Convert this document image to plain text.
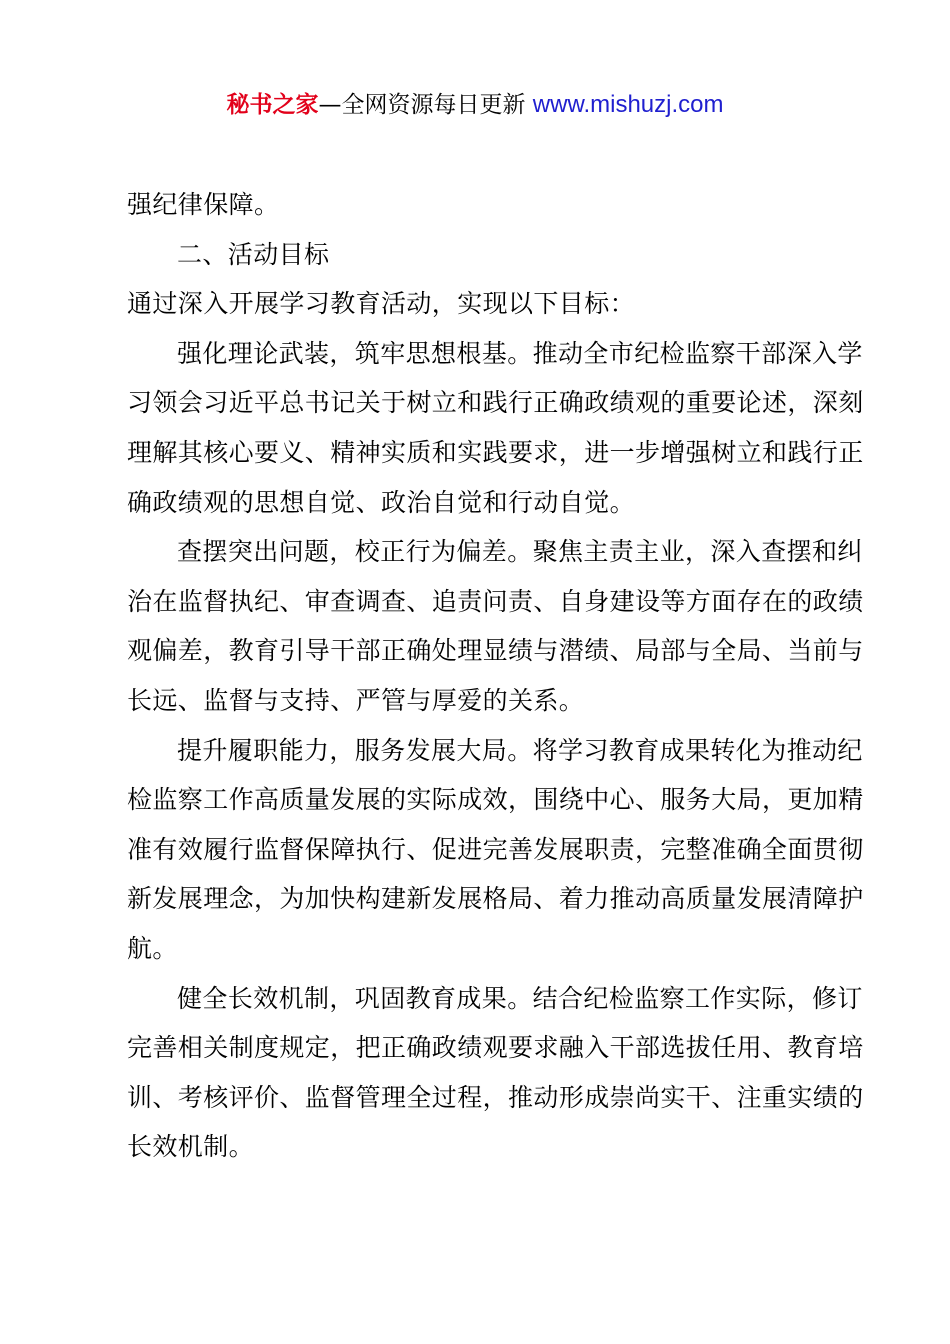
秘书之家—全网资源每日更新 www.mishuzj.com

强纪律保障。

二、活动目标

通过深入开展学习教育活动，实现以下目标：

强化理论武装，筑牢思想根基。推动全市纪检监察干部深入学习领会习近平总书记关于树立和践行正确政绩观的重要论述，深刻理解其核心要义、精神实质和实践要求，进一步增强树立和践行正确政绩观的思想自觉、政治自觉和行动自觉。

查摆突出问题，校正行为偏差。聚焦主责主业，深入查摆和纠治在监督执纪、审查调查、追责问责、自身建设等方面存在的政绩观偏差，教育引导干部正确处理显绩与潜绩、局部与全局、当前与长远、监督与支持、严管与厚爱的关系。

提升履职能力，服务发展大局。将学习教育成果转化为推动纪检监察工作高质量发展的实际成效，围绕中心、服务大局，更加精准有效履行监督保障执行、促进完善发展职责，完整准确全面贯彻新发展理念，为加快构建新发展格局、着力推动高质量发展清障护航。

健全长效机制，巩固教育成果。结合纪检监察工作实际，修订完善相关制度规定，把正确政绩观要求融入干部选拔任用、教育培训、考核评价、监督管理全过程，推动形成崇尚实干、注重实绩的长效机制。
